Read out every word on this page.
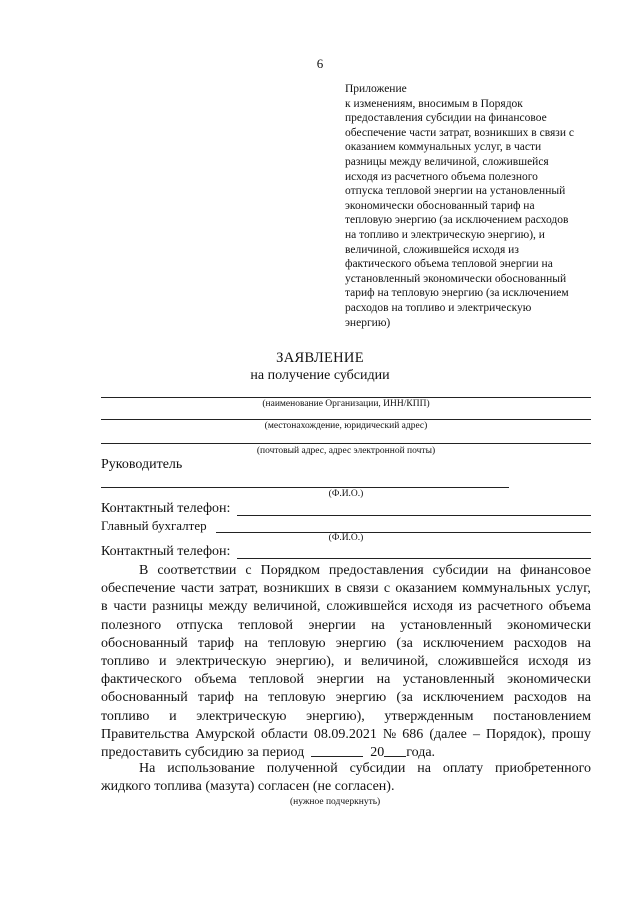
6
Приложение
к изменениям, вносимым в Порядок
предоставления субсидии на финансовое
обеспечение части затрат, возникших в связи с
оказанием коммунальных услуг, в части
разницы между величиной, сложившейся
исходя из расчетного объема полезного
отпуска тепловой энергии на установленный
экономически обоснованный тариф на
тепловую энергию (за исключением расходов
на топливо и электрическую энергию), и
величиной, сложившейся исходя из
фактического объема тепловой энергии на
установленный экономически обоснованный
тариф на тепловую энергию (за исключением
расходов на топливо и электрическую
энергию)
ЗАЯВЛЕНИЕ
на получение субсидии
(наименование Организации, ИНН/КПП)
(местонахождение, юридический адрес)
(почтовый адрес, адрес электронной почты)
Руководитель
(Ф.И.О.)
Контактный телефон:
Главный бухгалтер
(Ф.И.О.)
Контактный телефон:
В соответствии с Порядком предоставления субсидии на финансовое
обеспечение части затрат, возникших в связи с оказанием коммунальных услуг,
в части разницы между величиной, сложившейся исходя из расчетного объема
полезного отпуска тепловой энергии на установленный экономически
обоснованный тариф на тепловую энергию (за исключением расходов на
топливо и электрическую энергию), и величиной, сложившейся исходя из
фактического объема тепловой энергии на установленный экономически
обоснованный тариф на тепловую энергию (за исключением расходов на
топливо и электрическую энергию), утвержденным постановлением
Правительства Амурской области 08.09.2021 № 686 (далее – Порядок), прошу
предоставить субсидию за период	20 года.
На использование полученной субсидии на оплату приобретенного
жидкого топлива (мазута) согласен (не согласен).
(нужное подчеркнуть)
